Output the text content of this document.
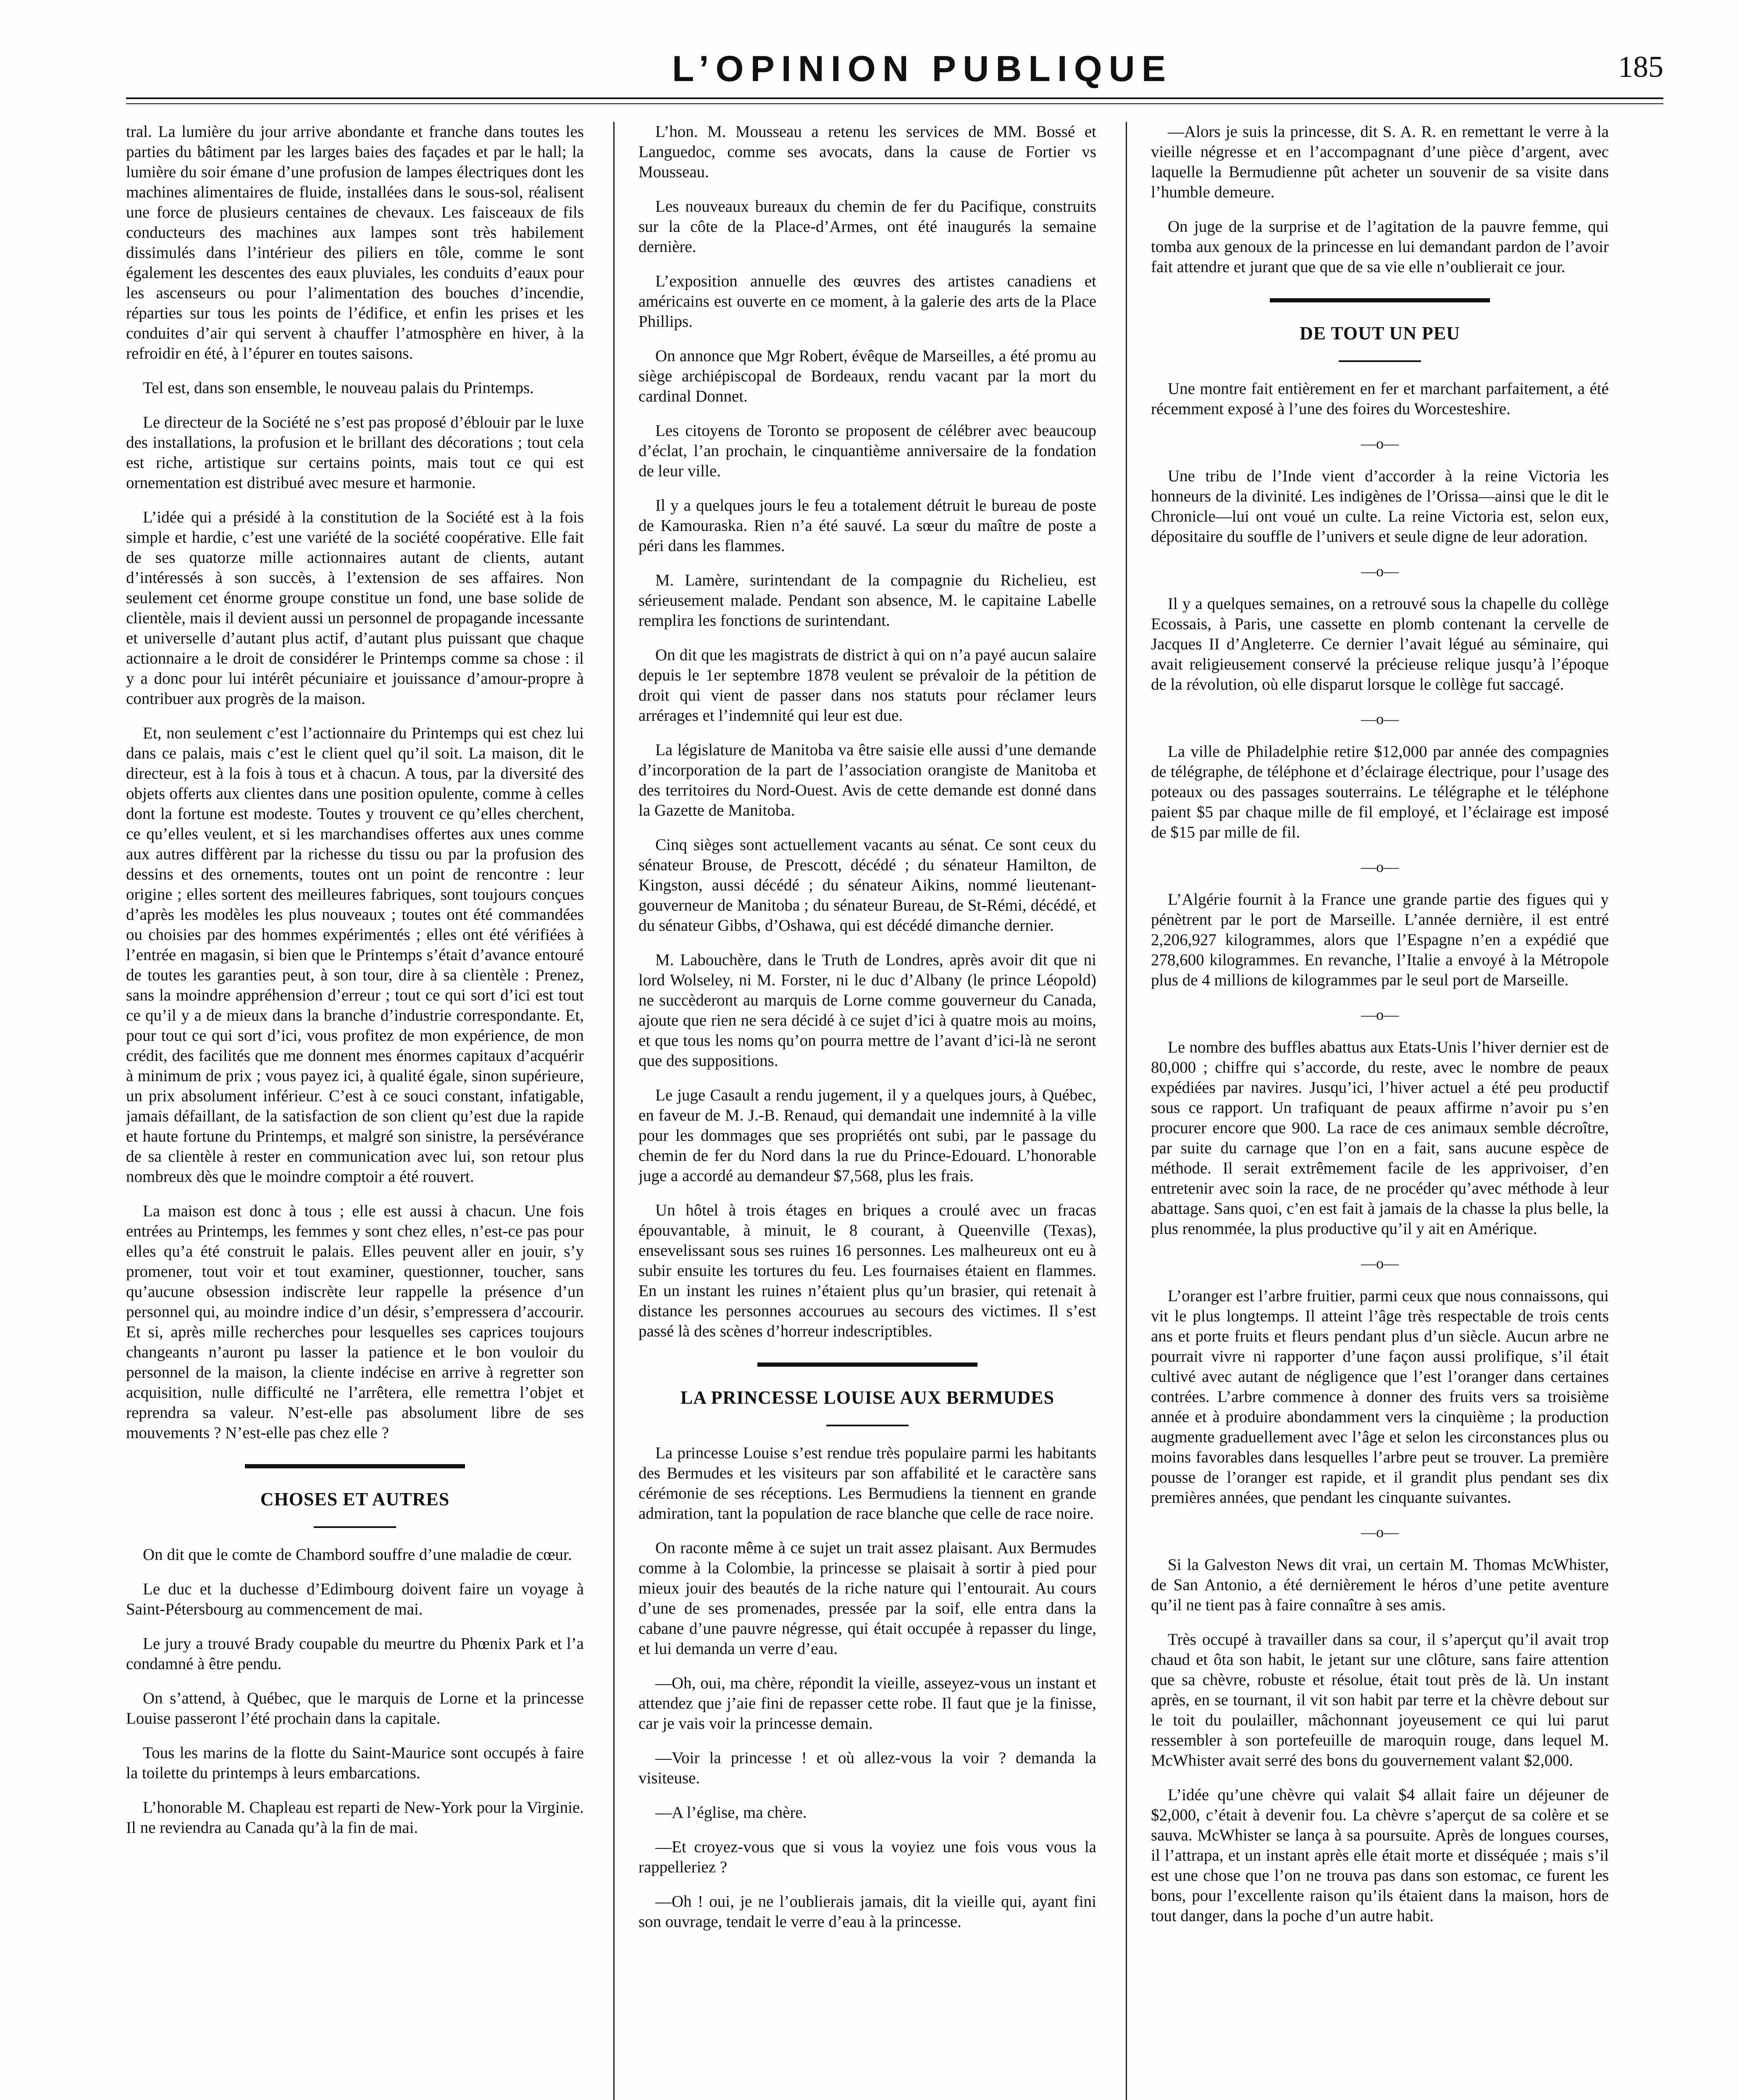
L’OPINION PUBLIQUE	185

tral. La lumière du jour arrive abondante et franche dans toutes les parties du bâtiment par les larges baies des façades et par le hall; la lumière du soir émane d’une profusion de lampes électriques dont les machines alimentaires de fluide, installées dans le sous-sol, réalisent une force de plusieurs centaines de chevaux. Les faisceaux de fils conducteurs des machines aux lampes sont très habilement dissimulés dans l’intérieur des piliers en tôle, comme le sont également les descentes des eaux pluviales, les conduits d’eaux pour les ascenseurs ou pour l’alimentation des bouches d’incendie, réparties sur tous les points de l’édifice, et enfin les prises et les conduites d’air qui servent à chauffer l’atmosphère en hiver, à la refroidir en été, à l’épurer en toutes saisons.

Tel est, dans son ensemble, le nouveau palais du Printemps.

Le directeur de la Société ne s’est pas proposé d’éblouir par le luxe des installations, la profusion et le brillant des décorations ; tout cela est riche, artistique sur certains points, mais tout ce qui est ornementation est distribué avec mesure et harmonie.

L’idée qui a présidé à la constitution de la Société est à la fois simple et hardie, c’est une variété de la société coopérative. Elle fait de ses quatorze mille actionnaires autant de clients, autant d’intéressés à son succès, à l’extension de ses affaires. Non seulement cet énorme groupe constitue un fond, une base solide de clientèle, mais il devient aussi un personnel de propagande incessante et universelle d’autant plus actif, d’autant plus puissant que chaque actionnaire a le droit de considérer le Printemps comme sa chose : il y a donc pour lui intérêt pécuniaire et jouissance d’amour-propre à contribuer aux progrès de la maison.

Et, non seulement c’est l’actionnaire du Printemps qui est chez lui dans ce palais, mais c’est le client quel qu’il soit. La maison, dit le directeur, est à la fois à tous et à chacun. A tous, par la diversité des objets offerts aux clientes dans une position opulente, comme à celles dont la fortune est modeste. Toutes y trouvent ce qu’elles cherchent, ce qu’elles veulent, et si les marchandises offertes aux unes comme aux autres diffèrent par la richesse du tissu ou par la profusion des dessins et des ornements, toutes ont un point de rencontre : leur origine ; elles sortent des meilleures fabriques, sont toujours conçues d’après les modèles les plus nouveaux ; toutes ont été commandées ou choisies par des hommes expérimentés ; elles ont été vérifiées à l’entrée en magasin, si bien que le Printemps s’était d’avance entouré de toutes les garanties peut, à son tour, dire à sa clientèle : Prenez, sans la moindre appréhension d’erreur ; tout ce qui sort d’ici est tout ce qu’il y a de mieux dans la branche d’industrie correspondante. Et, pour tout ce qui sort d’ici, vous profitez de mon expérience, de mon crédit, des facilités que me donnent mes énormes capitaux d’acquérir à minimum de prix ; vous payez ici, à qualité égale, sinon supérieure, un prix absolument inférieur. C’est à ce souci constant, infatigable, jamais défaillant, de la satisfaction de son client qu’est due la rapide et haute fortune du Printemps, et malgré son sinistre, la persévérance de sa clientèle à rester en communication avec lui, son retour plus nombreux dès que le moindre comptoir a été rouvert.

La maison est donc à tous ; elle est aussi à chacun. Une fois entrées au Printemps, les femmes y sont chez elles, n’est-ce pas pour elles qu’a été construit le palais. Elles peuvent aller en jouir, s’y promener, tout voir et tout examiner, questionner, toucher, sans qu’aucune obsession indiscrète leur rappelle la présence d’un personnel qui, au moindre indice d’un désir, s’empressera d’accourir. Et si, après mille recherches pour lesquelles ses caprices toujours changeants n’auront pu lasser la patience et le bon vouloir du personnel de la maison, la cliente indécise en arrive à regretter son acquisition, nulle difficulté ne l’arrêtera, elle remettra l’objet et reprendra sa valeur. N’est-elle pas absolument libre de ses mouvements ? N’est-elle pas chez elle ?

CHOSES ET AUTRES

On dit que le comte de Chambord souffre d’une maladie de cœur.

Le duc et la duchesse d’Edimbourg doivent faire un voyage à Saint-Pétersbourg au commencement de mai.

Le jury a trouvé Brady coupable du meurtre du Phœnix Park et l’a condamné à être pendu.

On s’attend, à Québec, que le marquis de Lorne et la princesse Louise passeront l’été prochain dans la capitale.

Tous les marins de la flotte du Saint-Maurice sont occupés à faire la toilette du printemps à leurs embarcations.

L’honorable M. Chapleau est reparti de New-York pour la Virginie. Il ne reviendra au Canada qu’à la fin de mai.

L’hon. M. Mousseau a retenu les services de MM. Bossé et Languedoc, comme ses avocats, dans la cause de Fortier vs Mousseau.

Les nouveaux bureaux du chemin de fer du Pacifique, construits sur la côte de la Place-d’Armes, ont été inaugurés la semaine dernière.

L’exposition annuelle des œuvres des artistes canadiens et américains est ouverte en ce moment, à la galerie des arts de la Place Phillips.

On annonce que Mgr Robert, évêque de Marseilles, a été promu au siège archiépiscopal de Bordeaux, rendu vacant par la mort du cardinal Donnet.

Les citoyens de Toronto se proposent de célébrer avec beaucoup d’éclat, l’an prochain, le cinquantième anniversaire de la fondation de leur ville.

Il y a quelques jours le feu a totalement détruit le bureau de poste de Kamouraska. Rien n’a été sauvé. La sœur du maître de poste a péri dans les flammes.

M. Lamère, surintendant de la compagnie du Richelieu, est sérieusement malade. Pendant son absence, M. le capitaine Labelle remplira les fonctions de surintendant.

On dit que les magistrats de district à qui on n’a payé aucun salaire depuis le 1er septembre 1878 veulent se prévaloir de la pétition de droit qui vient de passer dans nos statuts pour réclamer leurs arrérages et l’indemnité qui leur est due.

La législature de Manitoba va être saisie elle aussi d’une demande d’incorporation de la part de l’association orangiste de Manitoba et des territoires du Nord-Ouest. Avis de cette demande est donné dans la Gazette de Manitoba.

Cinq sièges sont actuellement vacants au sénat. Ce sont ceux du sénateur Brouse, de Prescott, décédé ; du sénateur Hamilton, de Kingston, aussi décédé ; du sénateur Aikins, nommé lieutenant-gouverneur de Manitoba ; du sénateur Bureau, de St-Rémi, décédé, et du sénateur Gibbs, d’Oshawa, qui est décédé dimanche dernier.

M. Labouchère, dans le Truth de Londres, après avoir dit que ni lord Wolseley, ni M. Forster, ni le duc d’Albany (le prince Léopold) ne succèderont au marquis de Lorne comme gouverneur du Canada, ajoute que rien ne sera décidé à ce sujet d’ici à quatre mois au moins, et que tous les noms qu’on pourra mettre de l’avant d’ici-là ne seront que des suppositions.

Le juge Casault a rendu jugement, il y a quelques jours, à Québec, en faveur de M. J.-B. Renaud, qui demandait une indemnité à la ville pour les dommages que ses propriétés ont subi, par le passage du chemin de fer du Nord dans la rue du Prince-Edouard. L’honorable juge a accordé au demandeur $7,568, plus les frais.

Un hôtel à trois étages en briques a croulé avec un fracas épouvantable, à minuit, le 8 courant, à Queenville (Texas), ensevelissant sous ses ruines 16 personnes. Les malheureux ont eu à subir ensuite les tortures du feu. Les fournaises étaient en flammes. En un instant les ruines n’étaient plus qu’un brasier, qui retenait à distance les personnes accourues au secours des victimes. Il s’est passé là des scènes d’horreur indescriptibles.

LA PRINCESSE LOUISE AUX BERMUDES

La princesse Louise s’est rendue très populaire parmi les habitants des Bermudes et les visiteurs par son affabilité et le caractère sans cérémonie de ses réceptions. Les Bermudiens la tiennent en grande admiration, tant la population de race blanche que celle de race noire.

On raconte même à ce sujet un trait assez plaisant. Aux Bermudes comme à la Colombie, la princesse se plaisait à sortir à pied pour mieux jouir des beautés de la riche nature qui l’entourait. Au cours d’une de ses promenades, pressée par la soif, elle entra dans la cabane d’une pauvre négresse, qui était occupée à repasser du linge, et lui demanda un verre d’eau.

—Oh, oui, ma chère, répondit la vieille, asseyez-vous un instant et attendez que j’aie fini de repasser cette robe. Il faut que je la finisse, car je vais voir la princesse demain.

—Voir la princesse ! et où allez-vous la voir ? demanda la visiteuse.

—A l’église, ma chère.

—Et croyez-vous que si vous la voyiez une fois vous vous la rappelleriez ?

—Oh ! oui, je ne l’oublierais jamais, dit la vieille qui, ayant fini son ouvrage, tendait le verre d’eau à la princesse.

—Alors je suis la princesse, dit S. A. R. en remettant le verre à la vieille négresse et en l’accompagnant d’une pièce d’argent, avec laquelle la Bermudienne pût acheter un souvenir de sa visite dans l’humble demeure.

On juge de la surprise et de l’agitation de la pauvre femme, qui tomba aux genoux de la princesse en lui demandant pardon de l’avoir fait attendre et jurant que que de sa vie elle n’oublierait ce jour.

DE TOUT UN PEU

Une montre fait entièrement en fer et marchant parfaitement, a été récemment exposé à l’une des foires du Worcesteshire.

—o—

Une tribu de l’Inde vient d’accorder à la reine Victoria les honneurs de la divinité. Les indigènes de l’Orissa—ainsi que le dit le Chronicle—lui ont voué un culte. La reine Victoria est, selon eux, dépositaire du souffle de l’univers et seule digne de leur adoration.

—o—

Il y a quelques semaines, on a retrouvé sous la chapelle du collège Ecossais, à Paris, une cassette en plomb contenant la cervelle de Jacques II d’Angleterre. Ce dernier l’avait légué au séminaire, qui avait religieusement conservé la précieuse relique jusqu’à l’époque de la révolution, où elle disparut lorsque le collège fut saccagé.

—o—

La ville de Philadelphie retire $12,000 par année des compagnies de télégraphe, de téléphone et d’éclairage électrique, pour l’usage des poteaux ou des passages souterrains. Le télégraphe et le téléphone paient $5 par chaque mille de fil employé, et l’éclairage est imposé de $15 par mille de fil.

—o—

L’Algérie fournit à la France une grande partie des figues qui y pénètrent par le port de Marseille. L’année dernière, il est entré 2,206,927 kilogrammes, alors que l’Espagne n’en a expédié que 278,600 kilogrammes. En revanche, l’Italie a envoyé à la Métropole plus de 4 millions de kilogrammes par le seul port de Marseille.

—o—

Le nombre des buffles abattus aux Etats-Unis l’hiver dernier est de 80,000 ; chiffre qui s’accorde, du reste, avec le nombre de peaux expédiées par navires. Jusqu’ici, l’hiver actuel a été peu productif sous ce rapport. Un trafiquant de peaux affirme n’avoir pu s’en procurer encore que 900. La race de ces animaux semble décroître, par suite du carnage que l’on en a fait, sans aucune espèce de méthode. Il serait extrêmement facile de les apprivoiser, d’en entretenir avec soin la race, de ne procéder qu’avec méthode à leur abattage. Sans quoi, c’en est fait à jamais de la chasse la plus belle, la plus renommée, la plus productive qu’il y ait en Amérique.

—o—

L’oranger est l’arbre fruitier, parmi ceux que nous connaissons, qui vit le plus longtemps. Il atteint l’âge très respectable de trois cents ans et porte fruits et fleurs pendant plus d’un siècle. Aucun arbre ne pourrait vivre ni rapporter d’une façon aussi prolifique, s’il était cultivé avec autant de négligence que l’est l’oranger dans certaines contrées. L’arbre commence à donner des fruits vers sa troisième année et à produire abondamment vers la cinquième ; la production augmente graduellement avec l’âge et selon les circonstances plus ou moins favorables dans lesquelles l’arbre peut se trouver. La première pousse de l’oranger est rapide, et il grandit plus pendant ses dix premières années, que pendant les cinquante suivantes.

—o—

Si la Galveston News dit vrai, un certain M. Thomas McWhister, de San Antonio, a été dernièrement le héros d’une petite aventure qu’il ne tient pas à faire connaître à ses amis.

Très occupé à travailler dans sa cour, il s’aperçut qu’il avait trop chaud et ôta son habit, le jetant sur une clôture, sans faire attention que sa chèvre, robuste et résolue, était tout près de là. Un instant après, en se tournant, il vit son habit par terre et la chèvre debout sur le toit du poulailler, mâchonnant joyeusement ce qui lui parut ressembler à son portefeuille de maroquin rouge, dans lequel M. McWhister avait serré des bons du gouvernement valant $2,000.

L’idée qu’une chèvre qui valait $4 allait faire un déjeuner de $2,000, c’était à devenir fou. La chèvre s’aperçut de sa colère et se sauva. McWhister se lança à sa poursuite. Après de longues courses, il l’attrapa, et un instant après elle était morte et disséquée ; mais s’il est une chose que l’on ne trouva pas dans son estomac, ce furent les bons, pour l’excellente raison qu’ils étaient dans la maison, hors de tout danger, dans la poche d’un autre habit.
